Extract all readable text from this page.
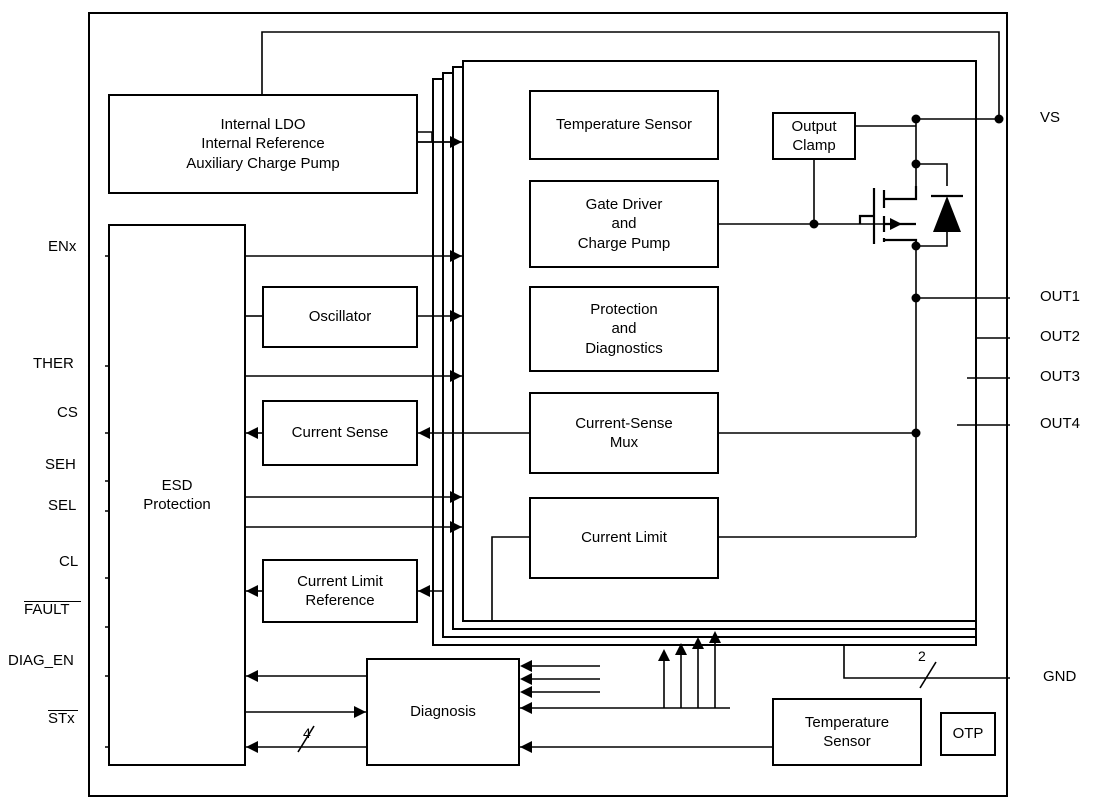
Internal LDO
Internal Reference
Auxiliary Charge Pump
ESD
Protection
Oscillator
Current Sense
Current Limit
Reference
Temperature Sensor
Gate Driver
and
Charge Pump
Protection
and
Diagnostics
Current-Sense
Mux
Current Limit
Output
Clamp
Diagnosis
Temperature
Sensor	OTP
ENx
THER
CS
SEH
SEL
CL
FAULT
DIAG_EN
STx
VS
OUT1
OUT2
OUT3
OUT4
GND
2
4
